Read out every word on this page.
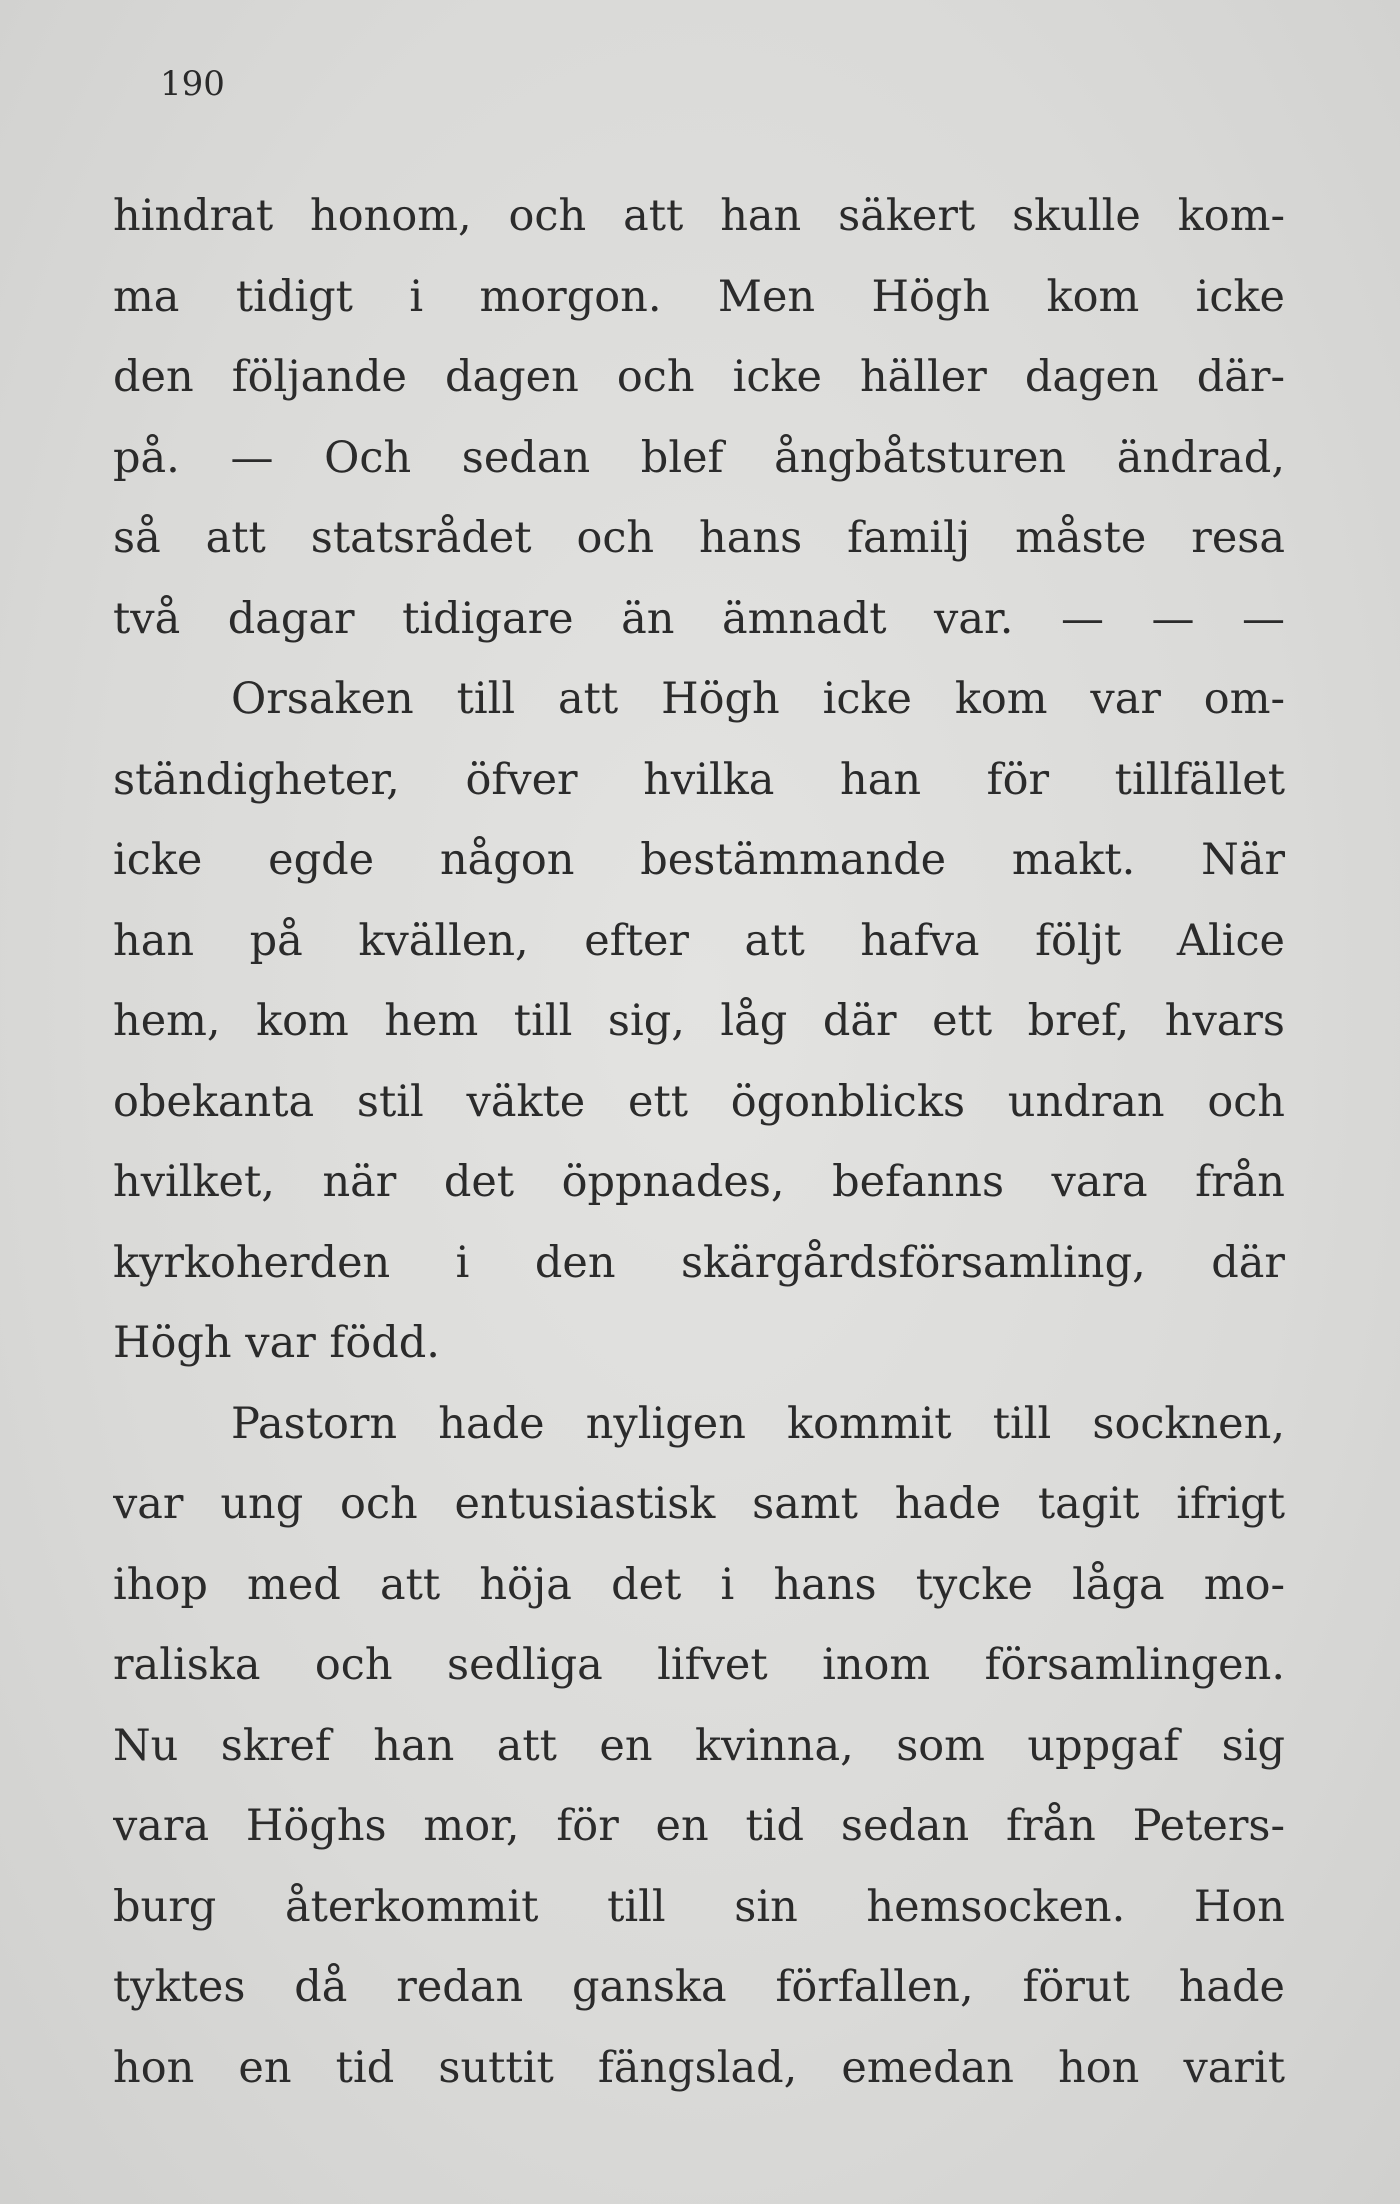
190
hindrat honom, och att han säkert skulle kom-
ma tidigt i morgon. Men Högh kom icke
den följande dagen och icke häller dagen där-
på. — Och sedan blef ångbåtsturen ändrad,
så att statsrådet och hans familj måste resa
två dagar tidigare än ämnadt var. — — —
Orsaken till att Högh icke kom var om-
ständigheter, öfver hvilka han för tillfället
icke egde någon bestämmande makt. När
han på kvällen, efter att hafva följt Alice
hem, kom hem till sig, låg där ett bref, hvars
obekanta stil väkte ett ögonblicks undran och
hvilket, när det öppnades, befanns vara från
kyrkoherden i den skärgårdsförsamling, där
Högh var född.
Pastorn hade nyligen kommit till socknen,
var ung och entusiastisk samt hade tagit ifrigt
ihop med att höja det i hans tycke låga mo-
raliska och sedliga lifvet inom församlingen.
Nu skref han att en kvinna, som uppgaf sig
vara Höghs mor, för en tid sedan från Peters-
burg återkommit till sin hemsocken. Hon
tyktes då redan ganska förfallen, förut hade
hon en tid suttit fängslad, emedan hon varit
